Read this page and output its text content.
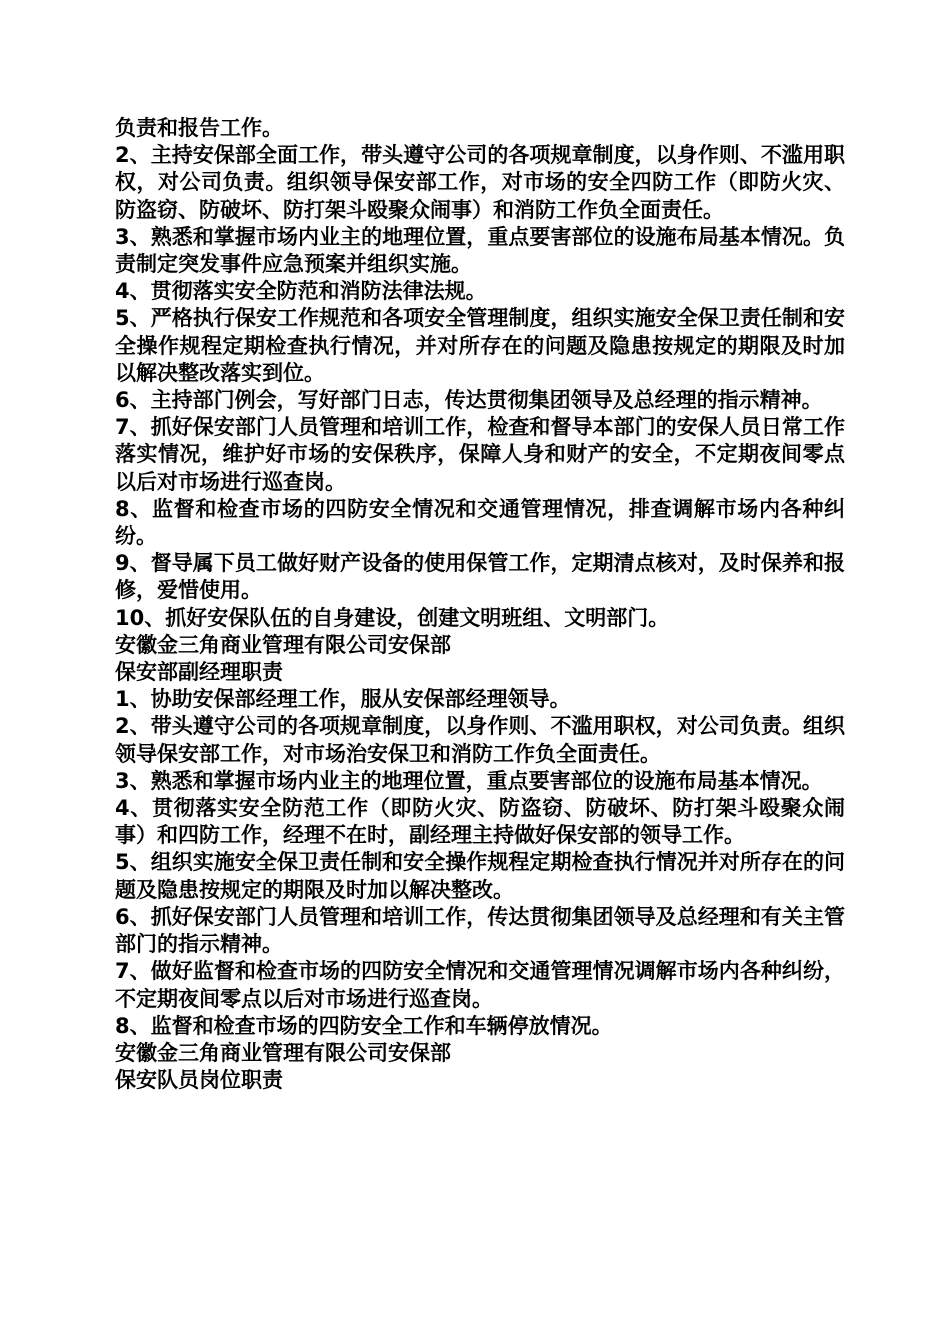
负责和报告工作。

2、主持安保部全面工作，带头遵守公司的各项规章制度，以身作则、不滥用职权，对公司负责。组织领导保安部工作，对市场的安全四防工作（即防火灾、防盗窃、防破坏、防打架斗殴聚众闹事）和消防工作负全面责任。

3、熟悉和掌握市场内业主的地理位置，重点要害部位的设施布局基本情况。负责制定突发事件应急预案并组织实施。

4、贯彻落实安全防范和消防法律法规。

5、严格执行保安工作规范和各项安全管理制度，组织实施安全保卫责任制和安全操作规程定期检查执行情况，并对所存在的问题及隐患按规定的期限及时加以解决整改落实到位。

6、主持部门例会，写好部门日志，传达贯彻集团领导及总经理的指示精神。

7、抓好保安部门人员管理和培训工作，检查和督导本部门的安保人员日常工作落实情况，维护好市场的安保秩序，保障人身和财产的安全，不定期夜间零点以后对市场进行巡查岗。

8、监督和检查市场的四防安全情况和交通管理情况，排查调解市场内各种纠纷。

9、督导属下员工做好财产设备的使用保管工作，定期清点核对，及时保养和报修，爱惜使用。

10、抓好安保队伍的自身建设，创建文明班组、文明部门。

安徽金三角商业管理有限公司安保部

保安部副经理职责

1、协助安保部经理工作，服从安保部经理领导。

2、带头遵守公司的各项规章制度，以身作则、不滥用职权，对公司负责。组织领导保安部工作，对市场治安保卫和消防工作负全面责任。

3、熟悉和掌握市场内业主的地理位置，重点要害部位的设施布局基本情况。

4、贯彻落实安全防范工作（即防火灾、防盗窃、防破坏、防打架斗殴聚众闹事）和四防工作，经理不在时，副经理主持做好保安部的领导工作。

5、组织实施安全保卫责任制和安全操作规程定期检查执行情况并对所存在的问题及隐患按规定的期限及时加以解决整改。

6、抓好保安部门人员管理和培训工作，传达贯彻集团领导及总经理和有关主管部门的指示精神。

7、做好监督和检查市场的四防安全情况和交通管理情况调解市场内各种纠纷，不定期夜间零点以后对市场进行巡查岗。

8、监督和检查市场的四防安全工作和车辆停放情况。

安徽金三角商业管理有限公司安保部

保安队员岗位职责
